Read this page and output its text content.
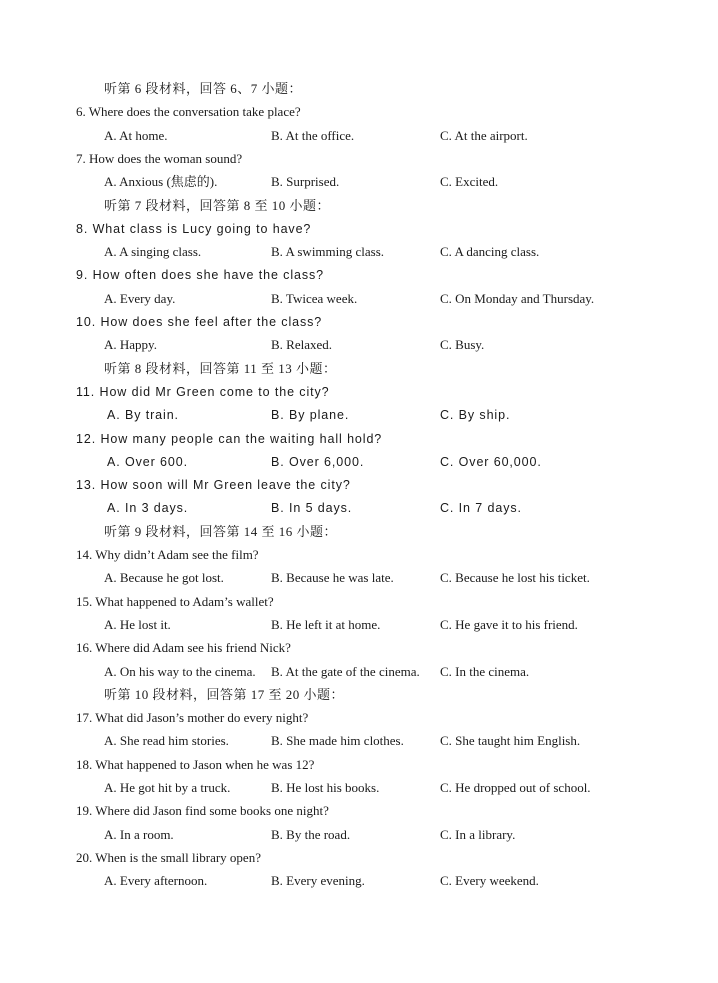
听第 6 段材料，回答 6、7 小题：
6. Where does the conversation take place?
A. At home.	B. At the office.	C. At the airport.
7. How does the woman sound?
A. Anxious (焦虑的).	B. Surprised.	C. Excited.
听第 7 段材料，回答第 8 至 10 小题：
8. What class is Lucy going to have?
A. A singing class.	B. A swimming class.	C. A dancing class.
9. How often does she have the class?
A. Every day.	B. Twicea week.	C. On Monday and Thursday.
10. How does she feel after the class?
A. Happy.	B. Relaxed.	C. Busy.
听第 8 段材料，回答第 11 至 13 小题：
11. How did Mr Green come to the city?
A. By train.	B. By plane.	C. By ship.
12. How many people can the waiting hall hold?
A. Over 600.	B. Over 6,000.	C. Over 60,000.
13. How soon will Mr Green leave the city?
A. In 3 days.	B. In 5 days.	C. In 7 days.
听第 9 段材料，回答第 14 至 16 小题：
14. Why didn’t Adam see the film?
A. Because he got lost.	B. Because he was late.	C. Because he lost his ticket.
15. What happened to Adam’s wallet?
A. He lost it.	B. He left it at home.	C. He gave it to his friend.
16. Where did Adam see his friend Nick?
A. On his way to the cinema. B. At the gate of the cinema. C. In the cinema.
听第 10 段材料，回答第 17 至 20 小题：
17. What did Jason’s mother do every night?
A. She read him stories.	B. She made him clothes.	C. She taught him English.
18. What happened to Jason when he was 12?
A. He got hit by a truck.	B. He lost his books.	C. He dropped out of school.
19. Where did Jason find some books one night?
A. In a room.	B. By the road.	C. In a library.
20. When is the small library open?
A. Every afternoon.	B. Every evening.	C. Every weekend.
